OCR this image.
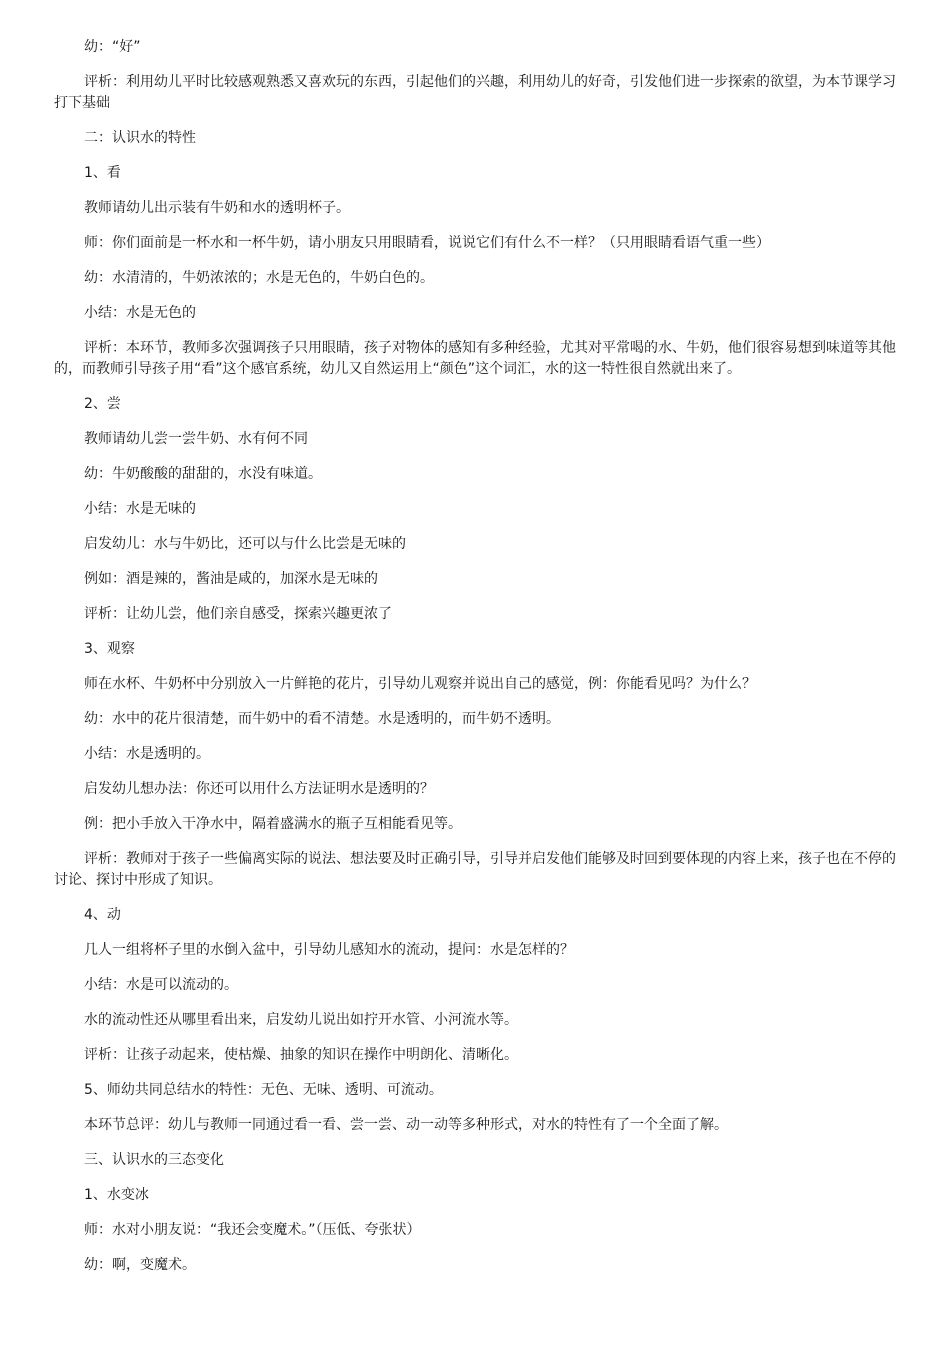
幼：“好”

评析：利用幼儿平时比较感观熟悉又喜欢玩的东西，引起他们的兴趣，利用幼儿的好奇，引发他们进一步探索的欲望，为本节课学习打下基础

二：认识水的特性

1、看

教师请幼儿出示装有牛奶和水的透明杯子。

师：你们面前是一杯水和一杯牛奶，请小朋友只用眼睛看，说说它们有什么不一样？（只用眼睛看语气重一些）

幼：水清清的，牛奶浓浓的；水是无色的，牛奶白色的。

小结：水是无色的

评析：本环节，教师多次强调孩子只用眼睛，孩子对物体的感知有多种经验，尤其对平常喝的水、牛奶，他们很容易想到味道等其他的，而教师引导孩子用“看”这个感官系统，幼儿又自然运用上“颜色”这个词汇，水的这一特性很自然就出来了。

2、尝

教师请幼儿尝一尝牛奶、水有何不同

幼：牛奶酸酸的甜甜的，水没有味道。

小结：水是无味的

启发幼儿：水与牛奶比，还可以与什么比尝是无味的

例如：酒是辣的，酱油是咸的，加深水是无味的

评析：让幼儿尝，他们亲自感受，探索兴趣更浓了

3、观察

师在水杯、牛奶杯中分别放入一片鲜艳的花片，引导幼儿观察并说出自己的感觉，例：你能看见吗？为什么？

幼：水中的花片很清楚，而牛奶中的看不清楚。水是透明的，而牛奶不透明。

小结：水是透明的。

启发幼儿想办法：你还可以用什么方法证明水是透明的？

例：把小手放入干净水中，隔着盛满水的瓶子互相能看见等。

评析：教师对于孩子一些偏离实际的说法、想法要及时正确引导，引导并启发他们能够及时回到要体现的内容上来，孩子也在不停的讨论、探讨中形成了知识。

4、动

几人一组将杯子里的水倒入盆中，引导幼儿感知水的流动，提问：水是怎样的？

小结：水是可以流动的。

水的流动性还从哪里看出来，启发幼儿说出如拧开水管、小河流水等。

评析：让孩子动起来，使枯燥、抽象的知识在操作中明朗化、清晰化。

5、师幼共同总结水的特性：无色、无味、透明、可流动。

本环节总评：幼儿与教师一同通过看一看、尝一尝、动一动等多种形式，对水的特性有了一个全面了解。

三、认识水的三态变化

1、水变冰

师：水对小朋友说：“我还会变魔术。”（压低、夸张状）

幼：啊，变魔术。
